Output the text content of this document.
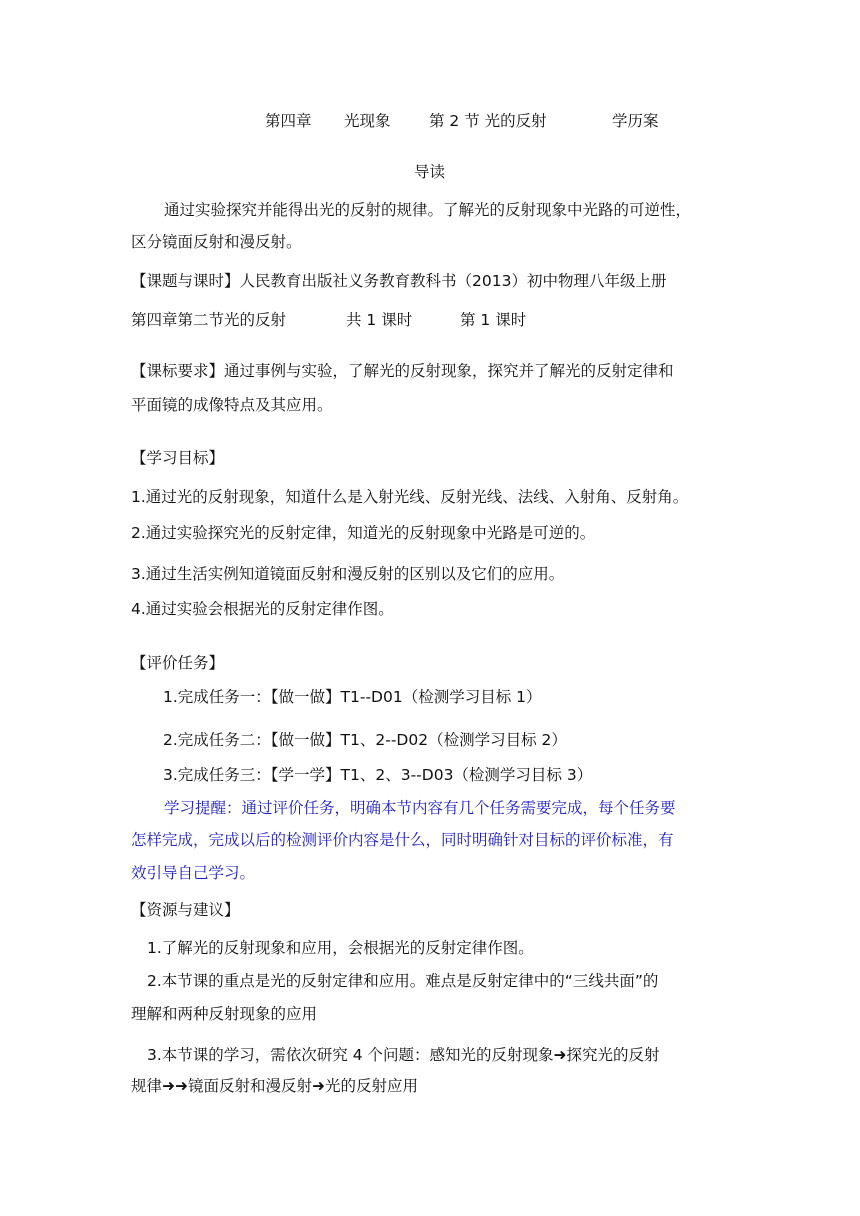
第四章 光现象 第 2 节 光的反射	学历案
导读
通过实验探究并能得出光的反射的规律。了解光的反射现象中光路的可逆性，
区分镜面反射和漫反射。
【课题与课时】人民教育出版社义务教育教科书（2013）初中物理八年级上册
第四章第二节光的反射	共 1 课时	第 1 课时
【课标要求】通过事例与实验，了解光的反射现象，探究并了解光的反射定律和
平面镜的成像特点及其应用。
【学习目标】
1.通过光的反射现象，知道什么是入射光线、反射光线、法线、入射角、反射角。
2.通过实验探究光的反射定律，知道光的反射现象中光路是可逆的。
3.通过生活实例知道镜面反射和漫反射的区别以及它们的应用。
4.通过实验会根据光的反射定律作图。
【评价任务】
1.完成任务一：【做一做】T1--D01（检测学习目标 1）
2.完成任务二：【做一做】T1、2--D02（检测学习目标 2）
3.完成任务三：【学一学】T1、2、3--D03（检测学习目标 3）
学习提醒：通过评价任务，明确本节内容有几个任务需要完成，每个任务要
怎样完成，完成以后的检测评价内容是什么，同时明确针对目标的评价标准，有
效引导自己学习。
【资源与建议】
1.了解光的反射现象和应用，会根据光的反射定律作图。
2.本节课的重点是光的反射定律和应用。难点是反射定律中的“三线共面”的
理解和两种反射现象的应用
3.本节课的学习，需依次研究 4 个问题：感知光的反射现象➜探究光的反射
规律➜➜镜面反射和漫反射➜光的反射应用
